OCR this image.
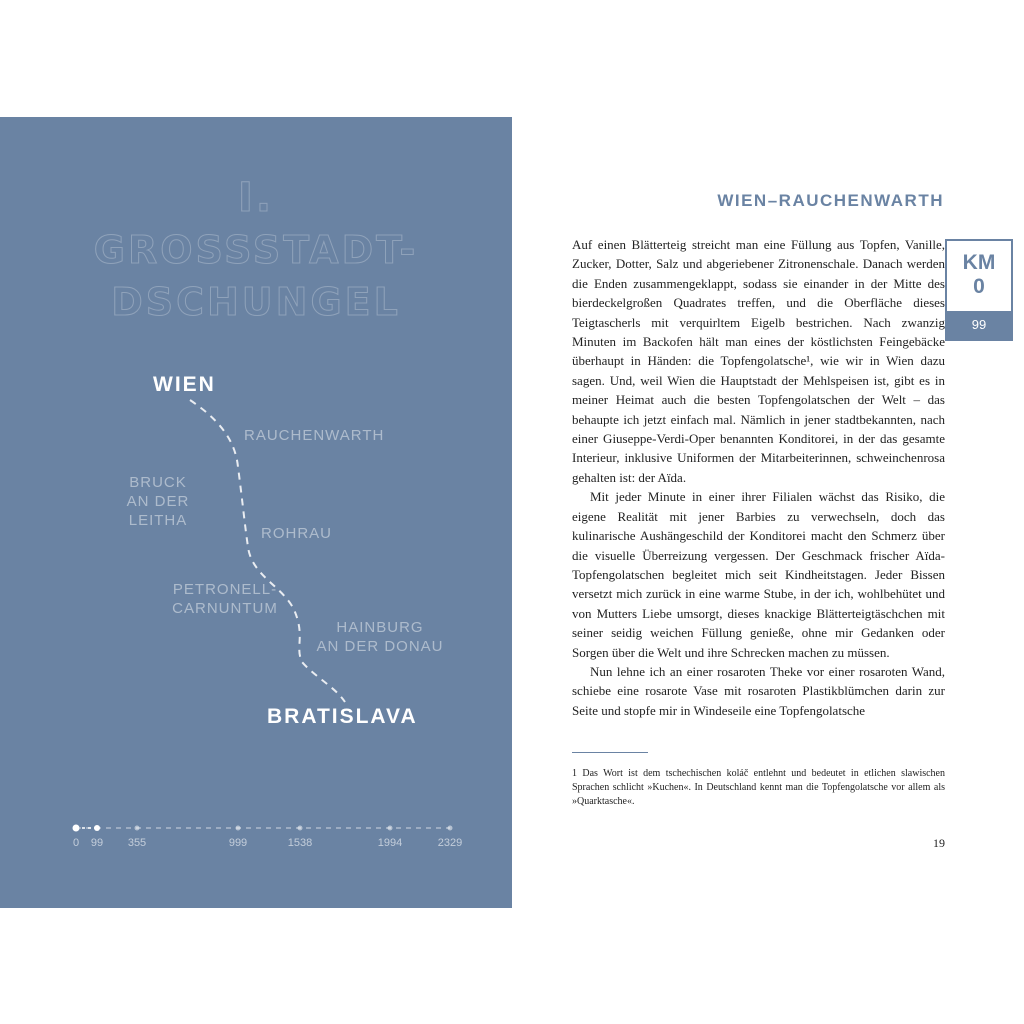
I.
GROSSSTADT-
DSCHUNGEL
WIEN
RAUCHENWARTH
BRUCK
AN DER LEITHA
ROHRAU
PETRONELL-
CARNUNTUM
HAINBURG
AN DER DONAU
BRATISLAVA
0 99 355	999	1538	1994	2329
WIEN–RAUCHENWARTH
KM
0
99

Auf einen Blätterteig streicht man eine Füllung aus Topfen, Vanille, Zucker, Dotter, Salz und abgeriebener Zitronenschale. Danach werden die Enden zusammengeklappt, sodass sie einander in der Mitte des bierdeckelgroßen Quadrates treffen, und die Oberfläche dieses Teigtascherls mit verquirltem Eigelb bestrichen. Nach zwanzig Minuten im Backofen hält man eines der köstlichsten Feingebäcke überhaupt in Händen: die Topfengolatsche¹, wie wir in Wien dazu sagen. Und, weil Wien die Hauptstadt der Mehlspeisen ist, gibt es in meiner Heimat auch die besten Topfengolatschen der Welt – das behaupte ich jetzt einfach mal. Nämlich in jener stadtbekannten, nach einer Giuseppe-Verdi-Oper benannten Konditorei, in der das gesamte Interieur, inklusive Uniformen der Mitarbeiterinnen, schweinchenrosa gehalten ist: der Aïda.

Mit jeder Minute in einer ihrer Filialen wächst das Risiko, die eigene Realität mit jener Barbies zu verwechseln, doch das kulinarische Aushängeschild der Konditorei macht den Schmerz über die visuelle Überreizung vergessen. Der Geschmack frischer Aïda-Topfengolatschen begleitet mich seit Kindheitstagen. Jeder Bissen versetzt mich zurück in eine warme Stube, in der ich, wohlbehütet und von Mutters Liebe umsorgt, dieses knackige Blätterteigtäschchen mit seiner seidig weichen Füllung genieße, ohne mir Gedanken oder Sorgen über die Welt und ihre Schrecken machen zu müssen.

Nun lehne ich an einer rosaroten Theke vor einer rosaroten Wand, schiebe eine rosarote Vase mit rosaroten Plastikblümchen darin zur Seite und stopfe mir in Windeseile eine Topfengolatsche

1 Das Wort ist dem tschechischen koláč entlehnt und bedeutet in etlichen slawischen Sprachen schlicht »Kuchen«. In Deutschland kennt man die Topfengolatsche vor allem als »Quarktasche«.
19
